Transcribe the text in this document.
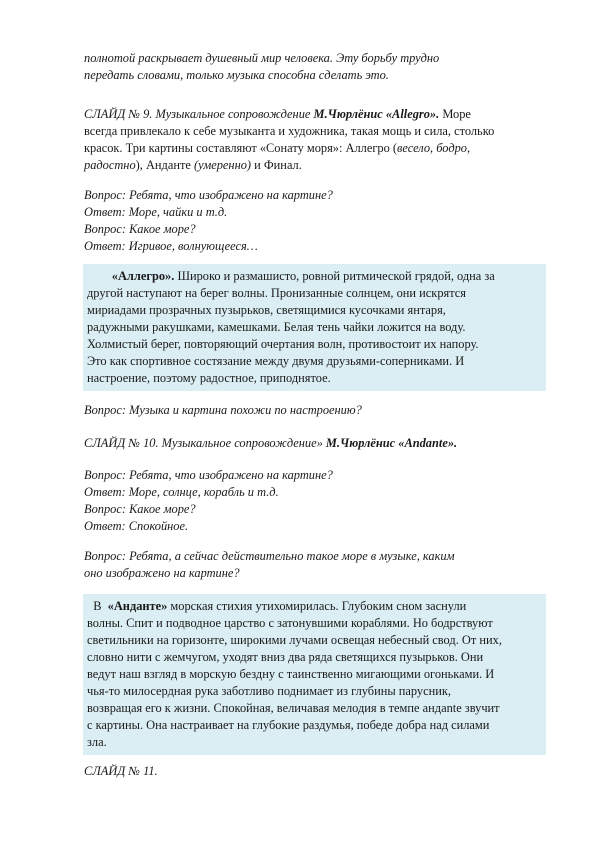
полнотой раскрывает душевный мир человека. Эту борьбу трудно
передать словами, только музыка способна сделать это.
СЛАЙД № 9. Музыкальное сопровождение М.Чюрлёнис «Allegro». Море
всегда привлекало к себе музыканта и художника, такая мощь и сила, столько
красок. Три картины составляют «Сонату моря»: Аллегро (весело, бодро,
радостно), Анданте (умеренно) и Финал.
Вопрос: Ребята, что изображено на картине?
Ответ: Море, чайки и т.д.
Вопрос: Какое море?
Ответ: Игривое, волнующееся…
«Аллегро». Широко и размашисто, ровной ритмической грядой, одна за
другой наступают на берег волны. Пронизанные солнцем, они искрятся
мириадами прозрачных пузырьков, светящимися кусочками янтаря,
радужными ракушками, камешками. Белая тень чайки ложится на воду.
Холмистый берег, повторяющий очертания волн, противостоит их напору.
Это как спортивное состязание между двумя друзьями-соперниками. И
настроение, поэтому радостное, приподнятое.
Вопрос: Музыка и картина похожи по настроению?
СЛАЙД № 10. Музыкальное сопровождение» М.Чюрлёнис «Andante».
Вопрос: Ребята, что изображено на картине?
Ответ: Море, солнце, корабль и т.д.
Вопрос: Какое море?
Ответ: Спокойное.
Вопрос: Ребята, а сейчас действительно такое море в музыке, каким
оно изображено на картине?
В  «Анданте» морская стихия утихомирилась. Глубоким сном заснули
волны. Спит и подводное царство с затонувшими кораблями. Но бодрствуют
светильники на горизонте, широкими лучами освещая небесный свод. От них,
словно нити с жемчугом, уходят вниз два ряда светящихся пузырьков. Они
ведут наш взгляд в морскую бездну с таинственно мигающими огоньками. И
чья-то милосердная рука заботливо поднимает из глубины парусник,
возвращая его к жизни. Спокойная, величавая мелодия в темпе андante звучит
с картины. Она настраивает на глубокие раздумья, победе добра над силами
зла.
СЛАЙД № 11.
